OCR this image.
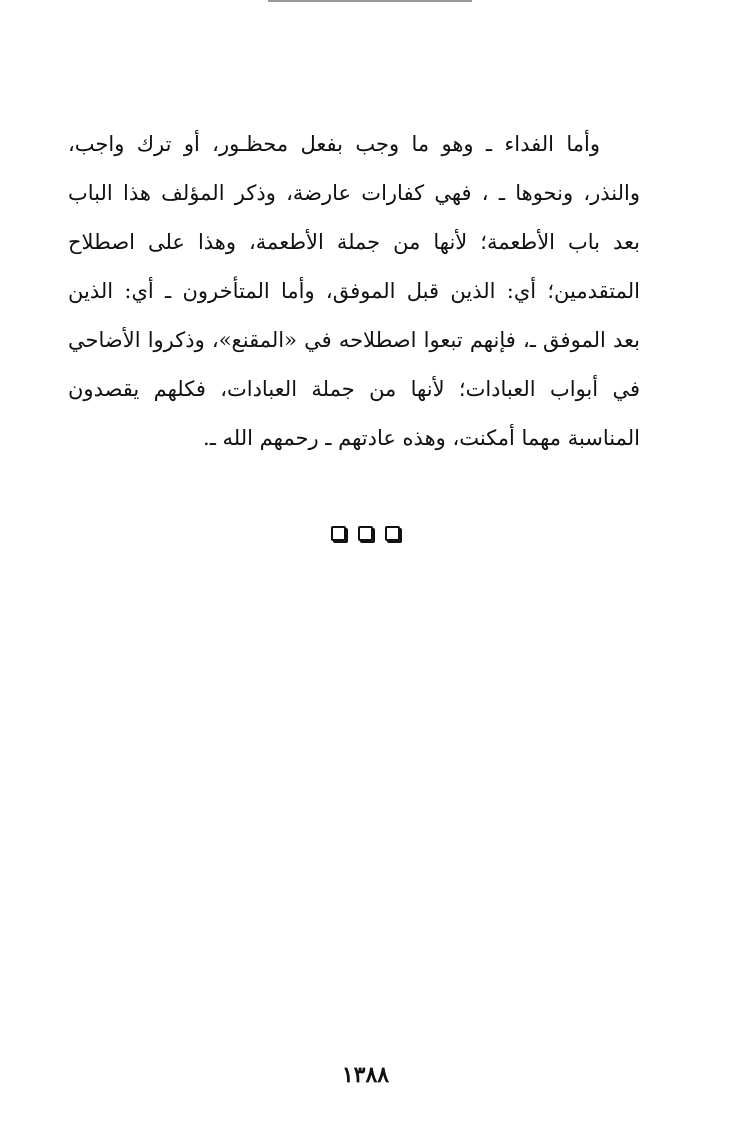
وأما الفداء ـ وهو ما وجب بفعل محظـور، أو ترك واجب،
والنذر، ونحوها ـ ، فهي كفارات عارضة، وذكر المؤلف هذا الباب
بعد باب الأطعمة؛ لأنها من جملة الأطعمة، وهذا على اصطلاح
المتقدمين؛ أي: الذين قبل الموفق، وأما المتأخرون ـ أي: الذين
بعد الموفق ـ، فإنهم تبعوا اصطلاحه في «المقنع»، وذكروا الأضاحي
في أبواب العبادات؛ لأنها من جملة العبادات، فكلهم يقصدون
المناسبة مهما أمكنت، وهذه عادتهم ـ رحمهم الله ـ.
١٣٨٨
